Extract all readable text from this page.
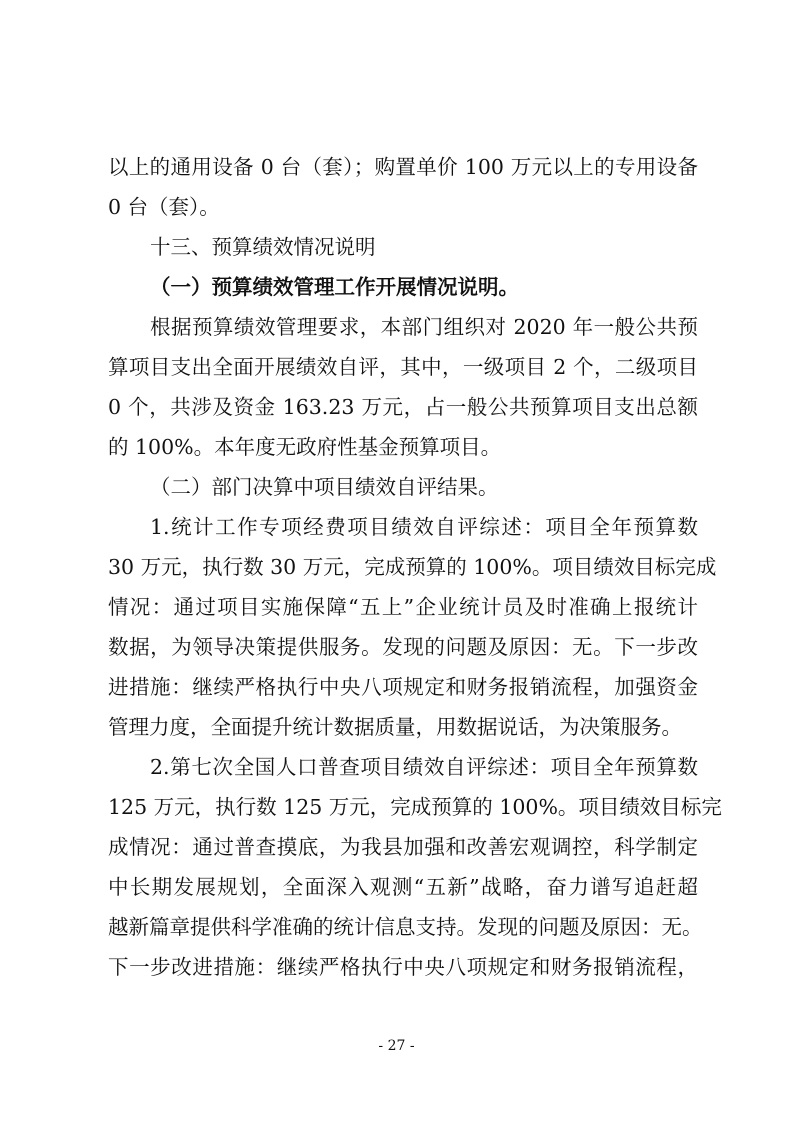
以上的通用设备 0 台（套）；购置单价 100 万元以上的专用设备
0 台（套）。
十三、预算绩效情况说明
（一）预算绩效管理工作开展情况说明。
根据预算绩效管理要求，本部门组织对 2020 年一般公共预
算项目支出全面开展绩效自评，其中，一级项目 2 个，二级项目
0 个，共涉及资金 163.23 万元，占一般公共预算项目支出总额
的 100%。本年度无政府性基金预算项目。
（二）部门决算中项目绩效自评结果。
1.统计工作专项经费项目绩效自评综述：项目全年预算数
30 万元，执行数 30 万元，完成预算的 100%。项目绩效目标完成
情况：通过项目实施保障“五上”企业统计员及时准确上报统计
数据，为领导决策提供服务。发现的问题及原因：无。下一步改
进措施：继续严格执行中央八项规定和财务报销流程，加强资金
管理力度，全面提升统计数据质量，用数据说话，为决策服务。
2.第七次全国人口普查项目绩效自评综述：项目全年预算数
125 万元，执行数 125 万元，完成预算的 100%。项目绩效目标完
成情况：通过普查摸底，为我县加强和改善宏观调控，科学制定
中长期发展规划，全面深入观测“五新”战略，奋力谱写追赶超
越新篇章提供科学准确的统计信息支持。发现的问题及原因：无。
下一步改进措施：继续严格执行中央八项规定和财务报销流程，
- 27 -
